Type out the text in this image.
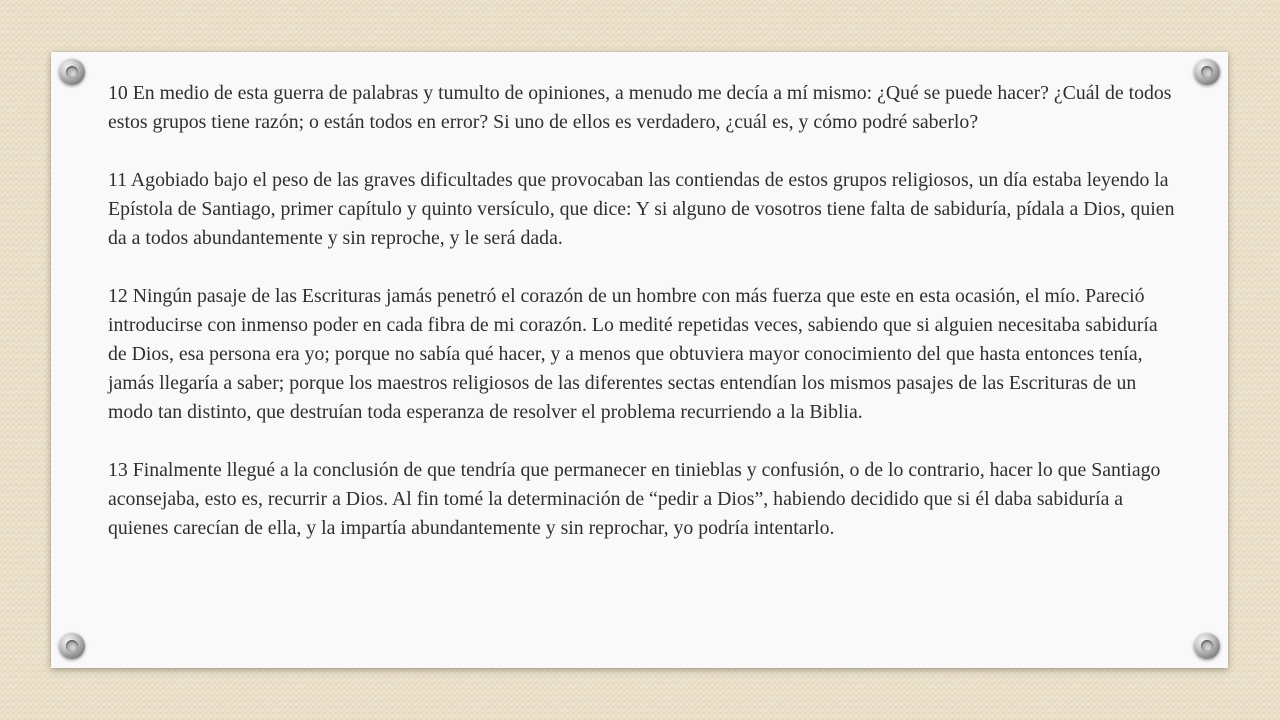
10 En medio de esta guerra de palabras y tumulto de opiniones, a menudo me decía a mí mismo: ¿Qué se puede hacer? ¿Cuál de todos estos grupos tiene razón; o están todos en error? Si uno de ellos es verdadero, ¿cuál es, y cómo podré saberlo?

11 Agobiado bajo el peso de las graves dificultades que provocaban las contiendas de estos grupos religiosos, un día estaba leyendo la Epístola de Santiago, primer capítulo y quinto versículo, que dice: Y si alguno de vosotros tiene falta de sabiduría, pídala a Dios, quien da a todos abundantemente y sin reproche, y le será dada.

12 Ningún pasaje de las Escrituras jamás penetró el corazón de un hombre con más fuerza que este en esta ocasión, el mío. Pareció introducirse con inmenso poder en cada fibra de mi corazón. Lo medité repetidas veces, sabiendo que si alguien necesitaba sabiduría de Dios, esa persona era yo; porque no sabía qué hacer, y a menos que obtuviera mayor conocimiento del que hasta entonces tenía, jamás llegaría a saber; porque los maestros religiosos de las diferentes sectas entendían los mismos pasajes de las Escrituras de un modo tan distinto, que destruían toda esperanza de resolver el problema recurriendo a la Biblia.

13 Finalmente llegué a la conclusión de que tendría que permanecer en tinieblas y confusión, o de lo contrario, hacer lo que Santiago aconsejaba, esto es, recurrir a Dios. Al fin tomé la determinación de “pedir a Dios”, habiendo decidido que si él daba sabiduría a quienes carecían de ella, y la impartía abundantemente y sin reprochar, yo podría intentarlo.
